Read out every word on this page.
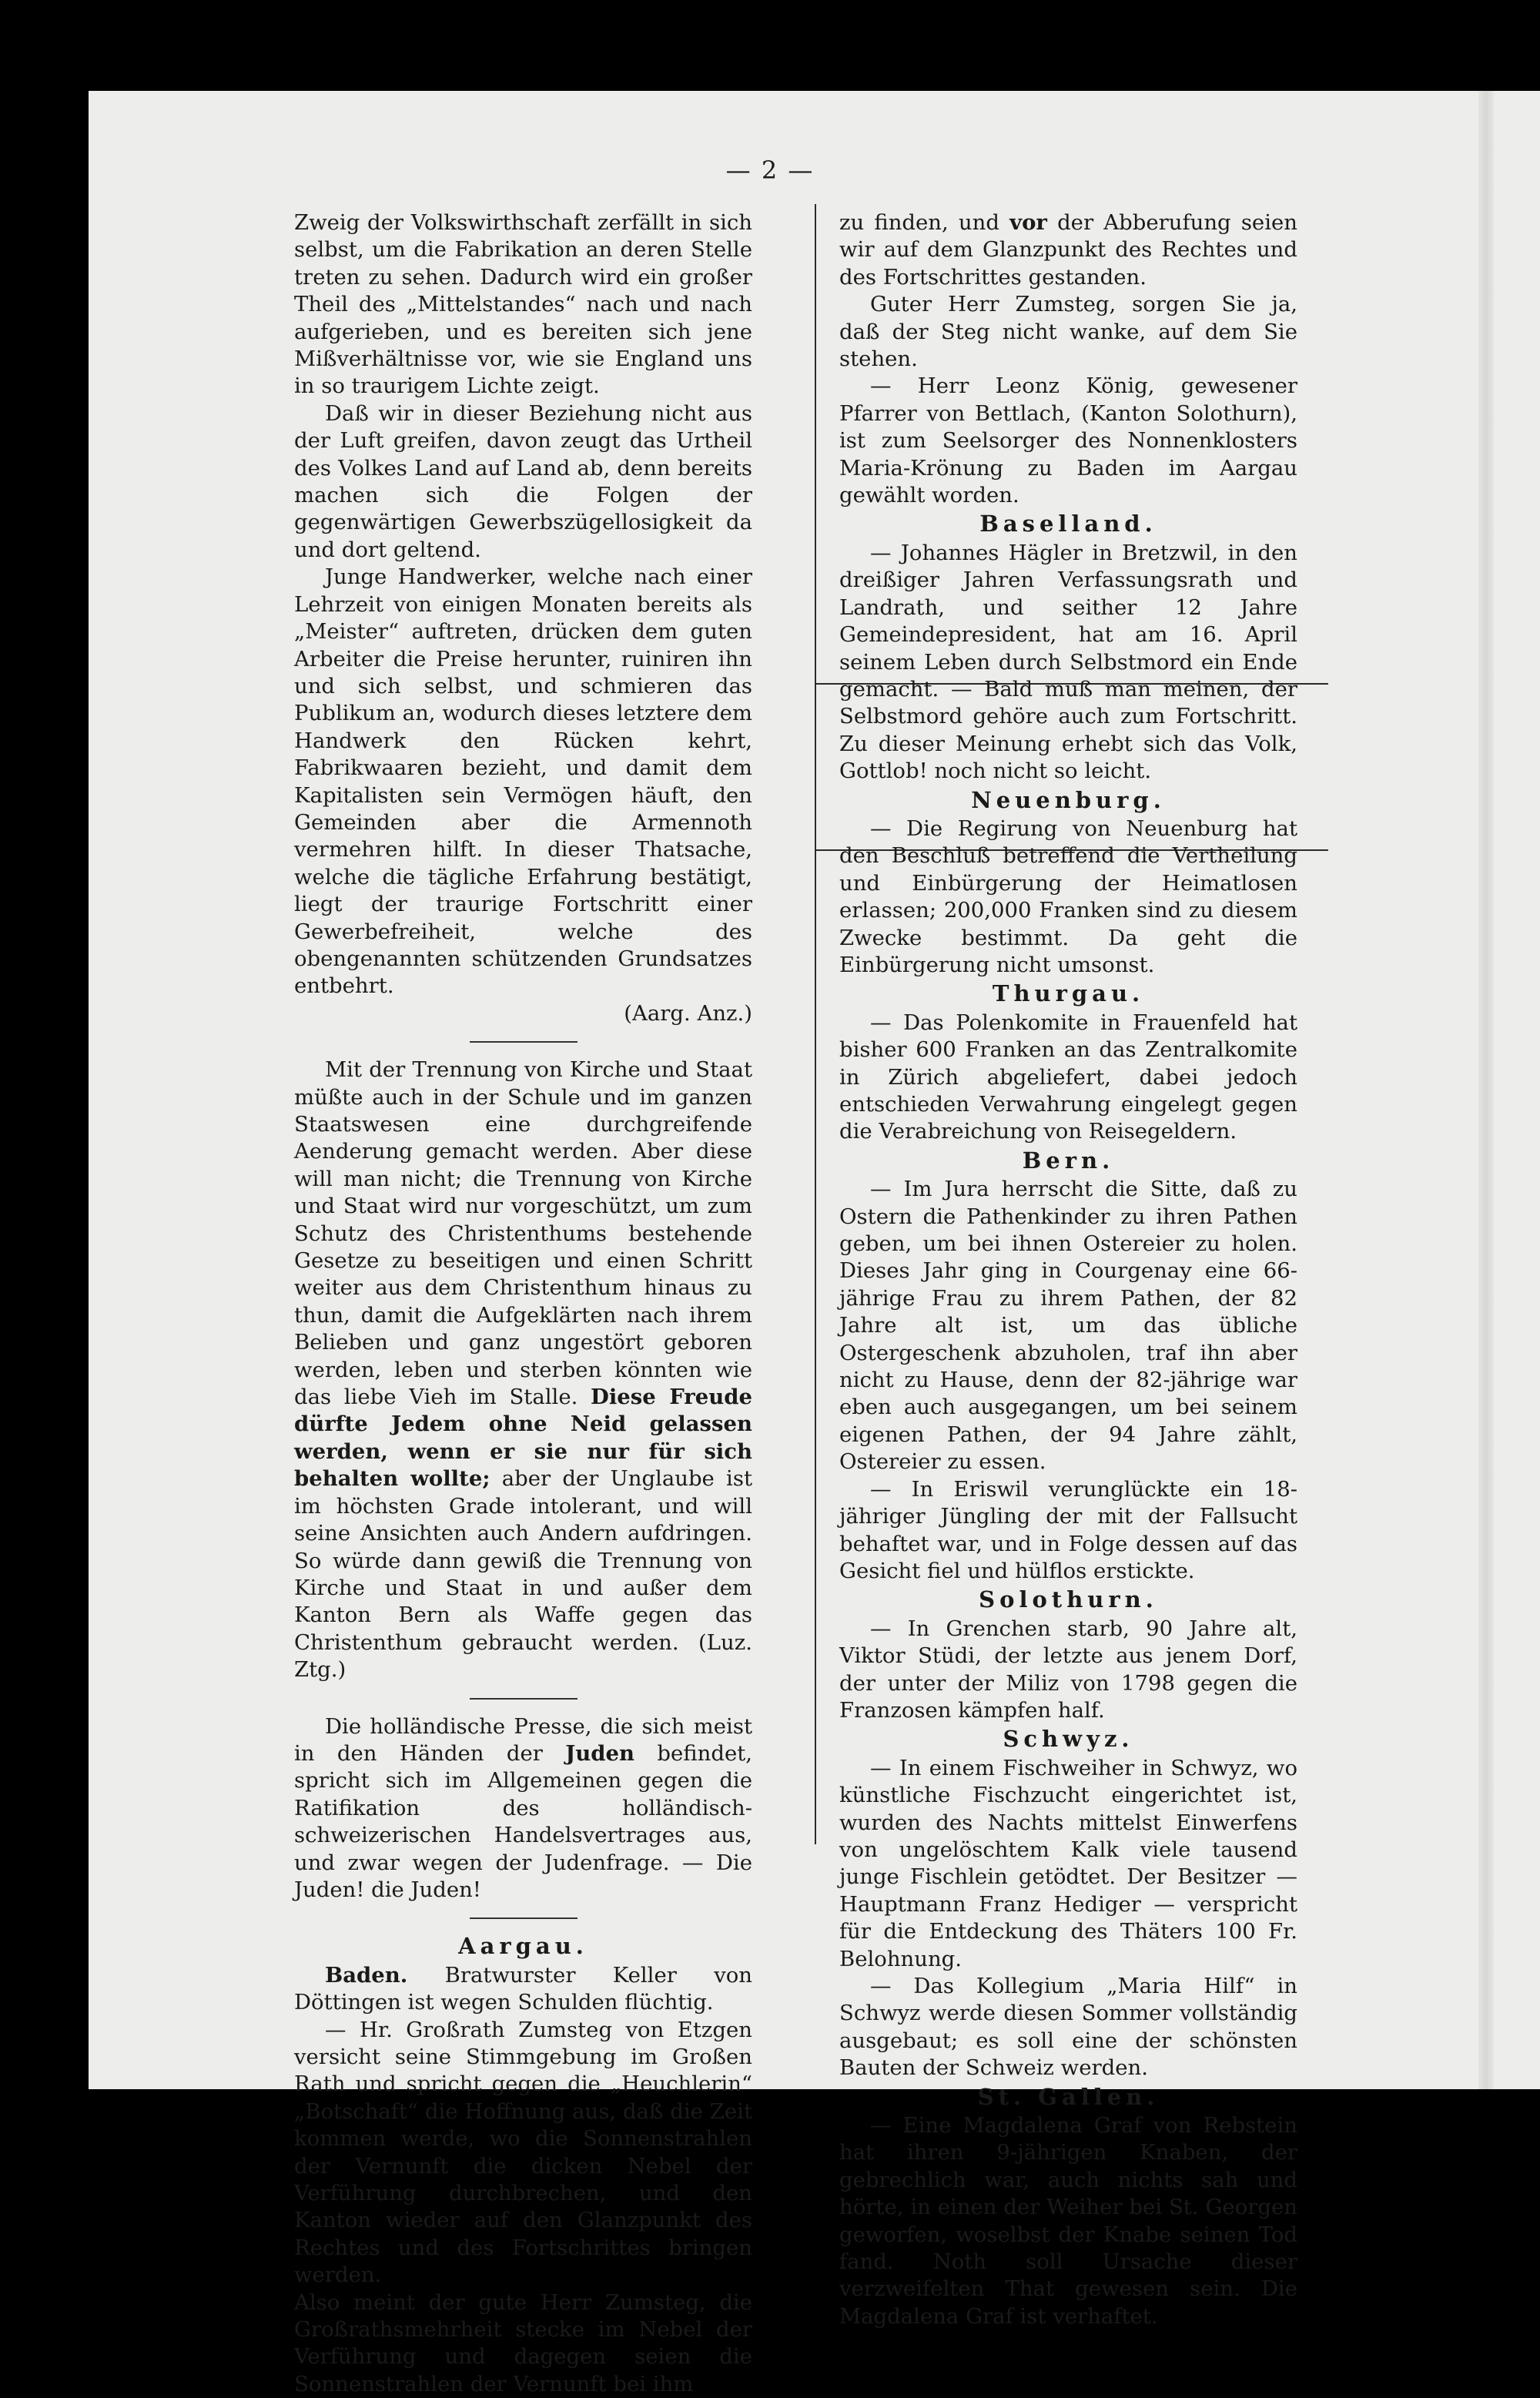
— 2 —

Zweig der Volkswirthschaft zerfällt in sich selbst, um die Fabrikation an deren Stelle treten zu sehen. Dadurch wird ein großer Theil des „Mittelstandes“ nach und nach aufgerieben, und es bereiten sich jene Mißverhältnisse vor, wie sie England uns in so traurigem Lichte zeigt.

Daß wir in dieser Beziehung nicht aus der Luft greifen, davon zeugt das Urtheil des Volkes Land auf Land ab, denn bereits machen sich die Folgen der gegenwärtigen Gewerbszügellosigkeit da und dort geltend.

Junge Handwerker, welche nach einer Lehrzeit von einigen Monaten bereits als „Meister“ auftreten, drücken dem guten Arbeiter die Preise herunter, ruiniren ihn und sich selbst, und schmieren das Publikum an, wodurch dieses letztere dem Handwerk den Rücken kehrt, Fabrikwaaren bezieht, und damit dem Kapitalisten sein Vermögen häuft, den Gemeinden aber die Armennoth vermehren hilft. In dieser Thatsache, welche die tägliche Erfahrung bestätigt, liegt der traurige Fortschritt einer Gewerbefreiheit, welche des obengenannten schützenden Grundsatzes entbehrt.

(Aarg. Anz.)

Mit der Trennung von Kirche und Staat müßte auch in der Schule und im ganzen Staatswesen eine durchgreifende Aenderung gemacht werden. Aber diese will man nicht; die Trennung von Kirche und Staat wird nur vorgeschützt, um zum Schutz des Christenthums bestehende Gesetze zu beseitigen und einen Schritt weiter aus dem Christenthum hinaus zu thun, damit die Aufgeklärten nach ihrem Belieben und ganz ungestört geboren werden, leben und sterben könnten wie das liebe Vieh im Stalle. Diese Freude dürfte Jedem ohne Neid gelassen werden, wenn er sie nur für sich behalten wollte; aber der Unglaube ist im höchsten Grade intolerant, und will seine Ansichten auch Andern aufdringen. So würde dann gewiß die Trennung von Kirche und Staat in und außer dem Kanton Bern als Waffe gegen das Christenthum gebraucht werden. (Luz. Ztg.)

Die holländische Presse, die sich meist in den Händen der Juden befindet, spricht sich im Allgemeinen gegen die Ratifikation des holländisch-schweizerischen Handelsvertrages aus, und zwar wegen der Judenfrage. — Die Juden! die Juden!

Aargau.

Baden. Bratwurster Keller von Döttingen ist wegen Schulden flüchtig.

— Hr. Großrath Zumsteg von Etzgen versicht seine Stimmgebung im Großen Rath und spricht gegen die „Heuchlerin“ „Botschaft“ die Hoffnung aus, daß die Zeit kommen werde, wo die Sonnenstrahlen der Vernunft die dicken Nebel der Verführung durchbrechen, und den Kanton wieder auf den Glanzpunkt des Rechtes und des Fortschrittes bringen werden.

Also meint der gute Herr Zumsteg, die Großrathsmehrheit stecke im Nebel der Verführung und dagegen seien die Sonnenstrahlen der Vernunft bei ihm

zu finden, und vor der Abberufung seien wir auf dem Glanzpunkt des Rechtes und des Fortschrittes gestanden.

Guter Herr Zumsteg, sorgen Sie ja, daß der Steg nicht wanke, auf dem Sie stehen.

— Herr Leonz König, gewesener Pfarrer von Bettlach, (Kanton Solothurn), ist zum Seelsorger des Nonnenklosters Maria-Krönung zu Baden im Aargau gewählt worden.

Baselland.

— Johannes Hägler in Bretzwil, in den dreißiger Jahren Verfassungsrath und Landrath, und seither 12 Jahre Gemeindepresident, hat am 16. April seinem Leben durch Selbstmord ein Ende gemacht. — Bald muß man meinen, der Selbstmord gehöre auch zum Fortschritt. Zu dieser Meinung erhebt sich das Volk, Gottlob! noch nicht so leicht.

Neuenburg.

— Die Regirung von Neuenburg hat den Beschluß betreffend die Vertheilung und Einbürgerung der Heimatlosen erlassen; 200,000 Franken sind zu diesem Zwecke bestimmt. Da geht die Einbürgerung nicht umsonst.

Thurgau.

— Das Polenkomite in Frauenfeld hat bisher 600 Franken an das Zentralkomite in Zürich abgeliefert, dabei jedoch entschieden Verwahrung eingelegt gegen die Verabreichung von Reisegeldern.

Bern.

— Im Jura herrscht die Sitte, daß zu Ostern die Pathenkinder zu ihren Pathen geben, um bei ihnen Ostereier zu holen. Dieses Jahr ging in Courgenay eine 66-jährige Frau zu ihrem Pathen, der 82 Jahre alt ist, um das übliche Ostergeschenk abzuholen, traf ihn aber nicht zu Hause, denn der 82-jährige war eben auch ausgegangen, um bei seinem eigenen Pathen, der 94 Jahre zählt, Ostereier zu essen.

— In Eriswil verunglückte ein 18-jähriger Jüngling der mit der Fallsucht behaftet war, und in Folge dessen auf das Gesicht fiel und hülflos erstickte.

Solothurn.

— In Grenchen starb, 90 Jahre alt, Viktor Stüdi, der letzte aus jenem Dorf, der unter der Miliz von 1798 gegen die Franzosen kämpfen half.

Schwyz.

— In einem Fischweiher in Schwyz, wo künstliche Fischzucht eingerichtet ist, wurden des Nachts mittelst Einwerfens von ungelöschtem Kalk viele tausend junge Fischlein getödtet. Der Besitzer — Hauptmann Franz Hediger — verspricht für die Entdeckung des Thäters 100 Fr. Belohnung.

— Das Kollegium „Maria Hilf“ in Schwyz werde diesen Sommer vollständig ausgebaut; es soll eine der schönsten Bauten der Schweiz werden.

St. Gallen.

— Eine Magdalena Graf von Rebstein hat ihren 9-jährigen Knaben, der gebrechlich war, auch nichts sah und hörte, in einen der Weiher bei St. Georgen geworfen, woselbst der Knabe seinen Tod fand. Noth soll Ursache dieser verzweifelten That gewesen sein. Die Magdalena Graf ist verhaftet.
